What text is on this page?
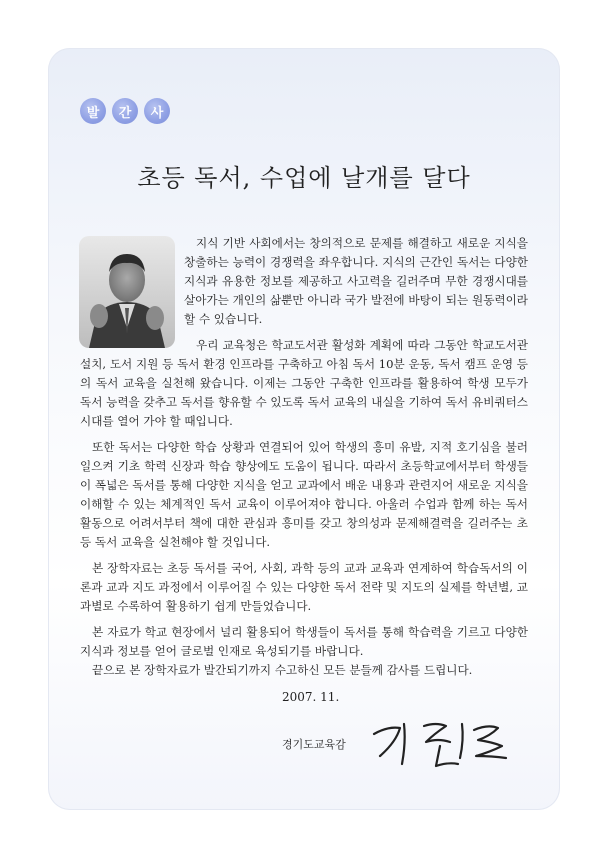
발	간	사
초등 독서, 수업에 날개를 달다

지식 기반 사회에서는 창의적으로 문제를 해결하고 새로운 지식을 창출하는 능력이 경쟁력을 좌우합니다. 지식의 근간인 독서는 다양한 지식과 유용한 정보를 제공하고 사고력을 길러주며 무한 경쟁시대를 살아가는 개인의 삶뿐만 아니라 국가 발전에 바탕이 되는 원동력이라 할 수 있습니다.

우리 교육청은 학교도서관 활성화 계획에 따라 그동안 학교도서관 설치, 도서 지원 등 독서 환경 인프라를 구축하고 아침 독서 10분 운동, 독서 캠프 운영 등의 독서 교육을 실천해 왔습니다. 이제는 그동안 구축한 인프라를 활용하여 학생 모두가 독서 능력을 갖추고 독서를 향유할 수 있도록 독서 교육의 내실을 기하여 독서 유비쿼터스 시대를 열어 가야 할 때입니다.

또한 독서는 다양한 학습 상황과 연결되어 있어 학생의 흥미 유발, 지적 호기심을 불러일으켜 기초 학력 신장과 학습 향상에도 도움이 됩니다. 따라서 초등학교에서부터 학생들이 폭넓은 독서를 통해 다양한 지식을 얻고 교과에서 배운 내용과 관련지어 새로운 지식을 이해할 수 있는 체계적인 독서 교육이 이루어져야 합니다. 아울러 수업과 함께 하는 독서 활동으로 어려서부터 책에 대한 관심과 흥미를 갖고 창의성과 문제해결력을 길러주는 초등 독서 교육을 실천해야 할 것입니다.

본 장학자료는 초등 독서를 국어, 사회, 과학 등의 교과 교육과 연계하여 학습독서의 이론과 교과 지도 과정에서 이루어질 수 있는 다양한 독서 전략 및 지도의 실제를 학년별, 교과별로 수록하여 활용하기 쉽게 만들었습니다.

본 자료가 학교 현장에서 널리 활용되어 학생들이 독서를 통해 학습력을 기르고 다양한 지식과 정보를 얻어 글로벌 인재로 육성되기를 바랍니다.

끝으로 본 장학자료가 발간되기까지 수고하신 모든 분들께 감사를 드립니다.

2007. 11.
경기도교육감
